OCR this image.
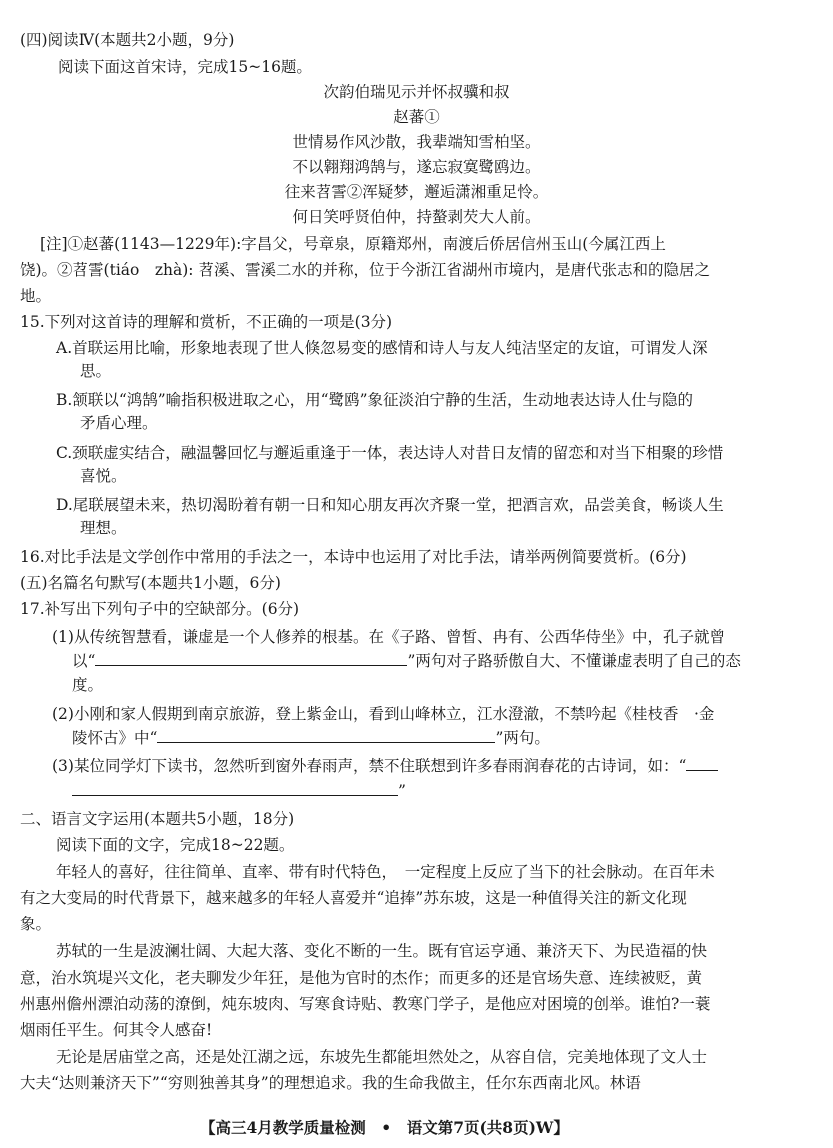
(四)阅读Ⅳ(本题共2小题，9分)
阅读下面这首宋诗，完成15~16题。
次韵伯瑞见示并怀叔骥和叔
赵蕃①
世情易作风沙散，我辈端知雪柏坚。
不以翱翔鸿鹄与，遂忘寂寞鹭鸥边。
往来苕霅②浑疑梦，邂逅潇湘重足怜。
何日笑呼贤伯仲，持螯剥芡大人前。
[注]①赵蕃(1143—1229年):字昌父，号章泉，原籍郑州，南渡后侨居信州玉山(今属江西上
饶)。②苕霅(tiáo　zhà): 苕溪、霅溪二水的并称，位于今浙江省湖州市境内，是唐代张志和的隐居之
地。
15.下列对这首诗的理解和赏析，不正确的一项是(3分)
A.首联运用比喻，形象地表现了世人倏忽易变的感情和诗人与友人纯洁坚定的友谊，可谓发人深
思。
B.颔联以“鸿鹄”喻指积极进取之心，用“鹭鸥”象征淡泊宁静的生活，生动地表达诗人仕与隐的
矛盾心理。
C.颈联虚实结合，融温馨回忆与邂逅重逢于一体，表达诗人对昔日友情的留恋和对当下相聚的珍惜
喜悦。
D.尾联展望未来，热切渴盼着有朝一日和知心朋友再次齐聚一堂，把酒言欢，品尝美食，畅谈人生
理想。
16.对比手法是文学创作中常用的手法之一，本诗中也运用了对比手法，请举两例简要赏析。(6分)
(五)名篇名句默写(本题共1小题，6分)
17.补写出下列句子中的空缺部分。(6分)
(1)从传统智慧看，谦虚是一个人修养的根基。在《子路、曾皙、冉有、公西华侍坐》中，孔子就曾
以“	”两句对子路骄傲自大、不懂谦虚表明了自己的态
度。
(2)小刚和家人假期到南京旅游，登上紫金山，看到山峰林立，江水澄澈，不禁吟起《桂枝香　·金
陵怀古》中“	”两句。
(3)某位同学灯下读书，忽然听到窗外春雨声，禁不住联想到许多春雨润春花的古诗词，如：“
”
二、语言文字运用(本题共5小题，18分)
阅读下面的文字，完成18~22题。
年轻人的喜好，往往简单、直率、带有时代特色，　一定程度上反应了当下的社会脉动。在百年未
有之大变局的时代背景下，越来越多的年轻人喜爱并“追捧”苏东坡，这是一种值得关注的新文化现
象。
苏轼的一生是波澜壮阔、大起大落、变化不断的一生。既有官运亨通、兼济天下、为民造福的快
意，治水筑堤兴文化，老夫聊发少年狂，是他为官时的杰作；而更多的还是官场失意、连续被贬，黄
州惠州儋州漂泊动荡的潦倒，炖东坡肉、写寒食诗贴、教寒门学子，是他应对困境的创举。谁怕?一蓑
烟雨任平生。何其令人感奋!
无论是居庙堂之高，还是处江湖之远，东坡先生都能坦然处之，从容自信，完美地体现了文人士
大夫“达则兼济天下”“穷则独善其身”的理想追求。我的生命我做主，任尔东西南北风。林语
【高三4月教学质量检测　•　语文第7页(共8页)W】
